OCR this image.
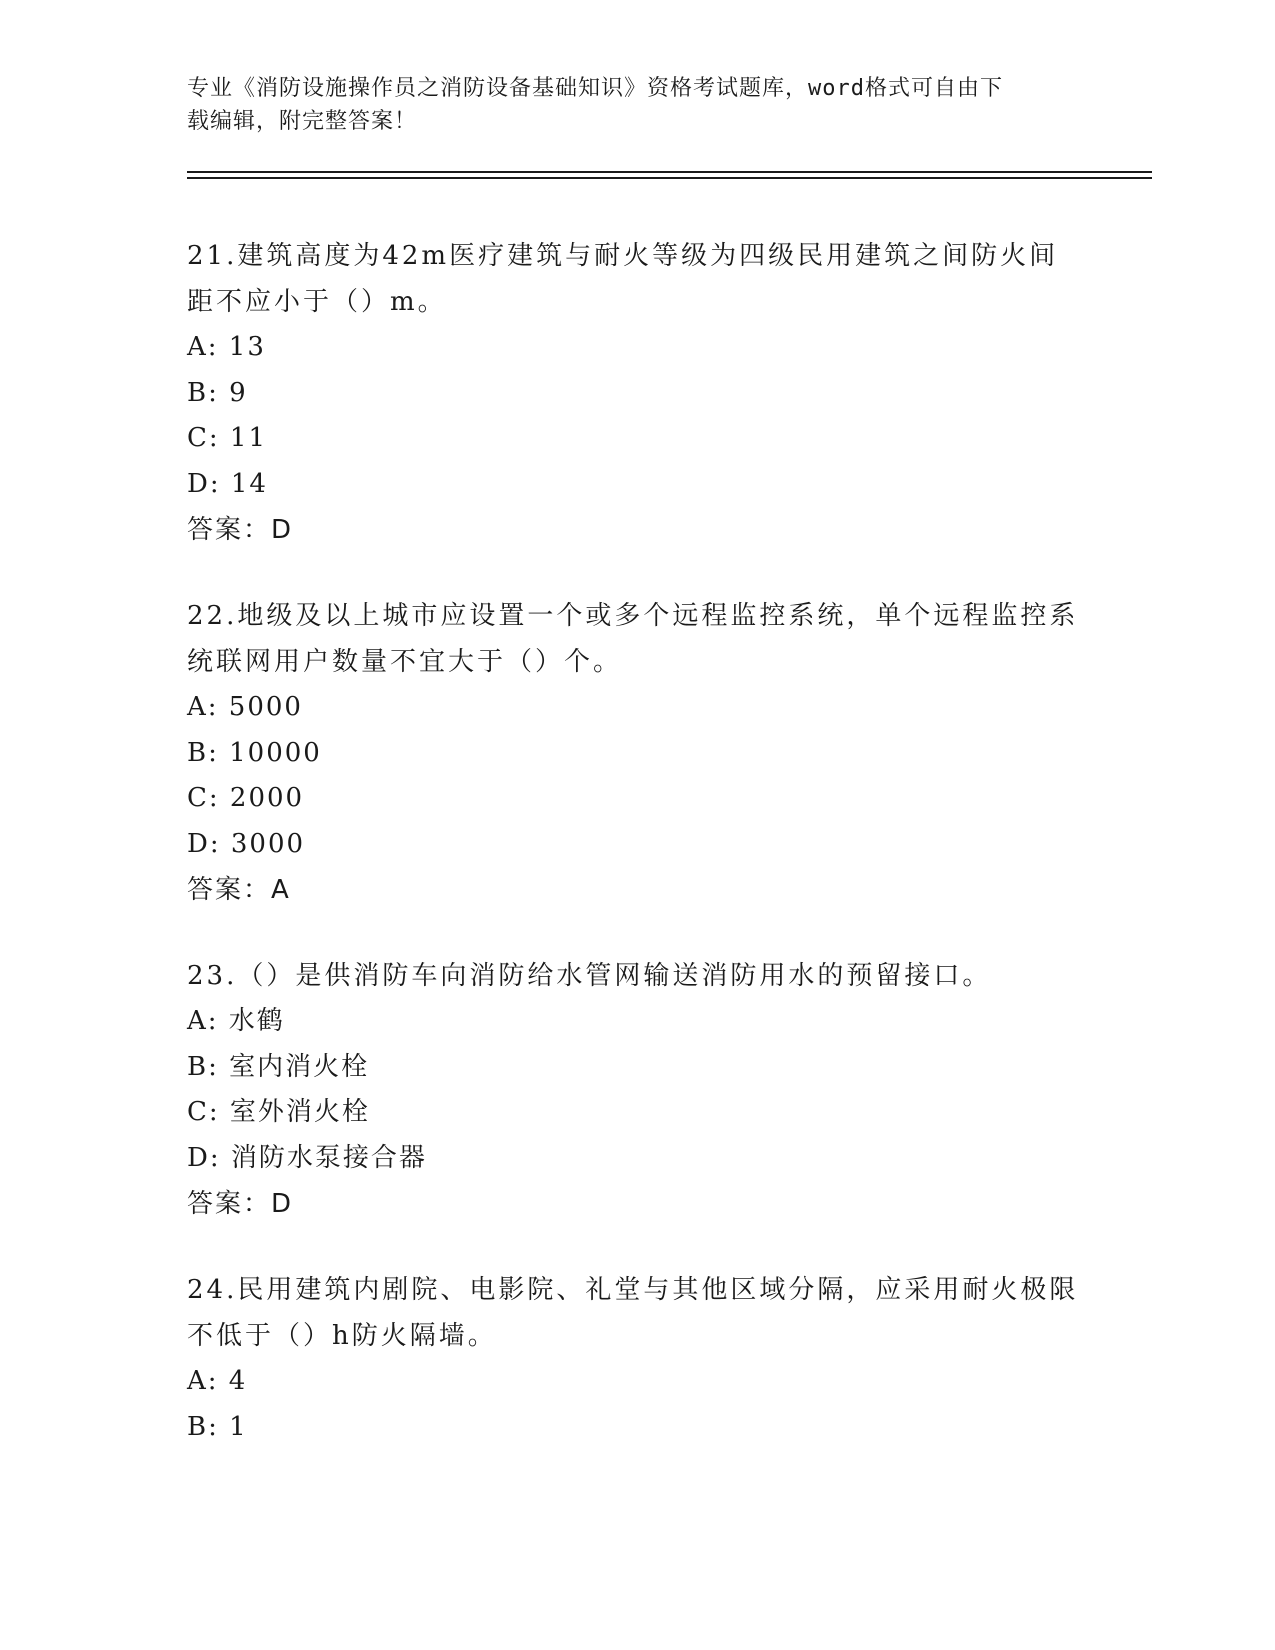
专业《消防设施操作员之消防设备基础知识》资格考试题库，word格式可自由下
载编辑，附完整答案！

21.建筑高度为42m医疗建筑与耐火等级为四级民用建筑之间防火间距不应小于（）m。

A: 13

B: 9

C: 11

D: 14

答案：D

22.地级及以上城市应设置一个或多个远程监控系统，单个远程监控系统联网用户数量不宜大于（）个。

A: 5000

B: 10000

C: 2000

D: 3000

答案：A

23.（）是供消防车向消防给水管网输送消防用水的预留接口。

A: 水鹤

B: 室内消火栓

C: 室外消火栓

D: 消防水泵接合器

答案：D

24.民用建筑内剧院、电影院、礼堂与其他区域分隔，应采用耐火极限不低于（）h防火隔墙。

A: 4

B: 1
